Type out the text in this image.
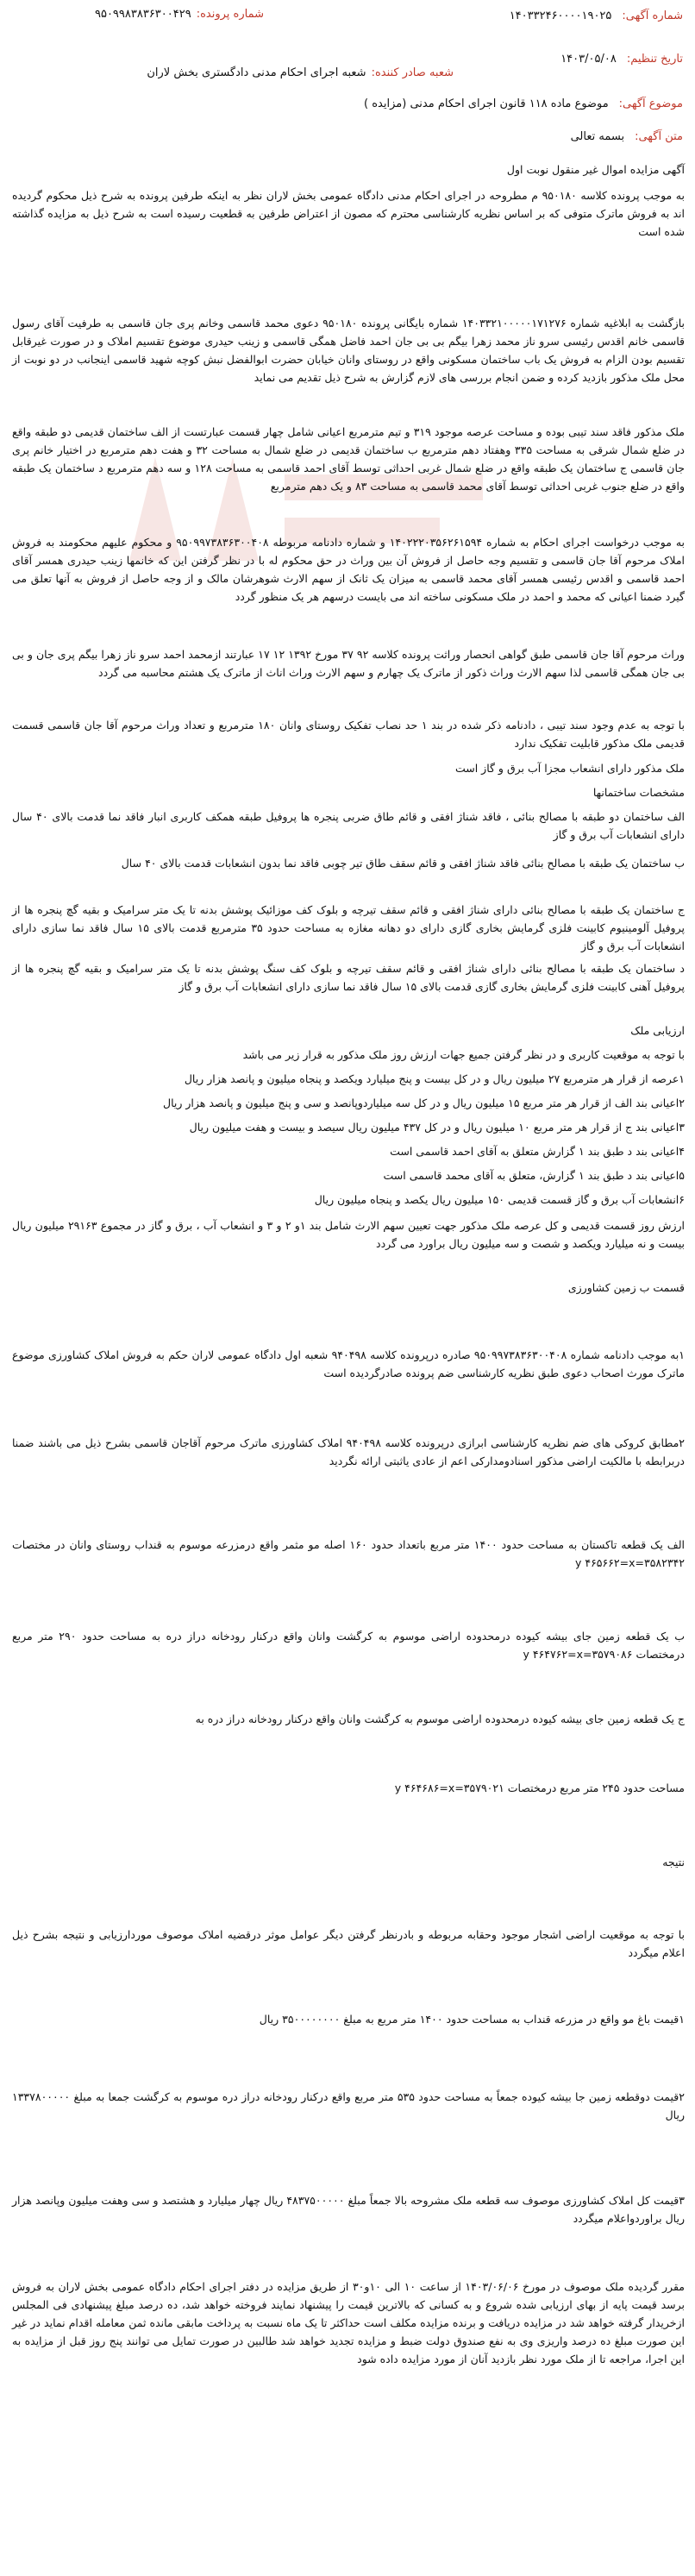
شماره آگهی:۱۴۰۳۳۲۴۶۰۰۰۰۱۹۰۲۵
شماره پرونده:۹۵۰۹۹۸۳۸۳۶۳۰۰۴۲۹
تاریخ تنظیم:۱۴۰۳/۰۵/۰۸
شعبه صادر کننده:شعبه اجرای احکام مدنی دادگستری بخش لاران
موضوع آگهی:موضوع ماده ۱۱۸ قانون اجرای احکام مدنی (مزایده )
متن آگهی:بسمه تعالی
آگهی مزایده اموال غیر منقول نوبت اول
به موجب پرونده کلاسه ۹۵۰۱۸۰ م مطروحه در اجرای احکام مدنی دادگاه عمومی بخش لاران نظر به اینکه طرفین پرونده به شرح ذیل محکوم گردیده اند به فروش ماترک متوفی که بر اساس نظریه کارشناسی محترم که مصون از اعتراض طرفین به قطعیت رسیده است به شرح ذیل به مزایده گذاشته شده است
بازگشت به ابلاغیه شماره ۱۴۰۳۳۲۱۰۰۰۰۰۱۷۱۲۷۶ شماره بایگانی پرونده ۹۵۰۱۸۰ دعوی محمد قاسمی وخانم پری جان قاسمی به طرفیت آقای رسول قاسمی خانم اقدس رئیسی سرو ناز محمد زهرا بیگم بی بی جان احمد فاضل همگی قاسمی و زینب حیدری موضوع تقسیم املاک و در صورت غیرقابل تقسیم بودن الزام به فروش یک باب ساختمان مسکونی واقع در روستای وانان خیابان حضرت ابوالفضل نبش کوچه شهید قاسمی اینجانب در دو نوبت از محل ملک مذکور بازدید کرده و ضمن انجام بررسی های لازم گزارش به شرح ذیل تقدیم می نماید
ملک مذکور فاقد سند تیبی بوده و مساحت عرصه موجود ۳۱۹ و تیم مترمربع اعیانی شامل چهار قسمت عبارتست از الف ساختمان قدیمی دو طبقه واقع در ضلع شمال شرقی به مساحت ۳۳۵ وهفتاد دهم مترمربع ب ساختمان قدیمی در ضلع شمال به مساحت ۳۲ و هفت دهم مترمربع در اختیار خانم پری جان قاسمی ج ساختمان یک طبقه واقع در ضلع شمال غربی احداثی توسط آقای احمد قاسمی به مساحت ۱۲۸ و سه دهم مترمربع د ساختمان یک طبقه واقع در ضلع جنوب غربی احداثی توسط آقای محمد قاسمی به مساحت ۸۳ و یک دهم مترمربع
به موجب درخواست اجرای احکام به شماره ۱۴۰۲۲۲۰۳۵۶۲۶۱۵۹۴ و شماره دادنامه مربوطه ۹۵۰۹۹۷۳۸۳۶۳۰۰۴۰۸ و محکوم علیهم محکومند به فروش املاک مرحوم آقا جان قاسمی و تقسیم وجه حاصل از فروش آن بین وراث در حق محکوم له با در نظر گرفتن این که خانمها زینب حیدری همسر آقای احمد قاسمی و اقدس رئیسی همسر آقای محمد قاسمی به میزان یک ثانک از سهم الارث شوهرشان مالک و از وجه حاصل از فروش به آنها تعلق می گیرد ضمنا اعیانی که محمد و احمد در ملک مسکونی ساخته اند می بایست درسهم هر یک منظور گردد
وراث مرحوم آقا جان قاسمی طبق گواهی انحصار وراثت پرونده کلاسه ۹۲ ۳۷ مورخ ۱۳۹۲ ۱۲ ۱۷ عبارتند ازمحمد احمد سرو ناز زهرا بیگم پری جان و بی بی جان همگی قاسمی لذا سهم الارث وراث ذکور از ماترک یک چهارم و سهم الارث وراث اناث از ماترک یک هشتم محاسبه می گردد
با توجه به عدم وجود سند تیبی ، دادنامه ذکر شده در بند ۱ حد نصاب تفکیک روستای وانان ۱۸۰ مترمربع و تعداد وراث مرحوم آقا جان قاسمی قسمت قدیمی ملک مذکور قابلیت تفکیک ندارد
ملک مذکور دارای انشعاب مجزا آب برق و گاز است
مشخصات ساختمانها
الف ساختمان دو طبقه با مصالح بنائی ، فاقد شناژ افقی و قائم طاق ضربی پنجره ها پروفیل طبقه همکف کاربری انبار فاقد نما قدمت بالای ۴۰ سال دارای انشعابات آب برق و گاز
ب ساختمان یک طبقه با مصالح بنائی فاقد شناژ افقی و قائم سقف طاق تیر چوبی فاقد نما بدون انشعابات قدمت بالای ۴۰ سال
ج ساختمان یک طبقه با مصالح بنائی دارای شناژ افقی و قائم سقف تیرچه و بلوک کف موزائیک پوشش بدنه تا یک متر سرامیک و بقیه گچ پنجره ها از پروفیل آلومینیوم کابینت فلزی گرمایش بخاری گازی دارای دو دهانه مغازه به مساحت حدود ۳۵ مترمربع قدمت بالای ۱۵ سال فاقد نما سازی دارای انشعابات آب برق و گاز
د ساختمان یک طبقه با مصالح بنائی دارای شناژ افقی و قائم سقف تیرچه و بلوک کف سنگ پوشش بدنه تا یک متر سرامیک و بقیه گچ پنجره ها از پروفیل آهنی کابینت فلزی گرمایش بخاری گازی قدمت بالای ۱۵ سال فاقد نما سازی دارای انشعابات آب برق و گاز
ارزیابی ملک
با توجه به موقعیت کاربری و در نظر گرفتن جمیع جهات ارزش روز ملک مذکور به قرار زیر می باشد
۱عرصه از قرار هر مترمربع ۲۷ میلیون ریال و در کل بیست و پنج میلیارد ویکصد و پنجاه میلیون و پانصد هزار ریال
۲اعیانی بند الف از قرار هر متر مربع ۱۵ میلیون ریال و در کل سه میلیاردوپانصد و سی و پنج میلیون و پانصد هزار ریال
۳اعیانی بند ج از قرار هر متر مربع ۱۰ میلیون ریال و در کل ۴۳۷ میلیون ریال سیصد و بیست و هفت میلیون ریال
۴اعیانی بند د طبق بند ۱ گزارش متعلق به آقای احمد قاسمی است
۵اعیانی بند د طبق بند ۱ گزارش، متعلق به آقای محمد قاسمی است
۶انشعابات آب برق و گاز قسمت قدیمی ۱۵۰ میلیون ریال یکصد و پنجاه میلیون ریال
ارزش روز قسمت قدیمی و کل عرصه ملک مذکور جهت تعیین سهم الارث شامل بند ۱و ۲ و ۳ و انشعاب آب ، برق و گاز در مجموع ۲۹۱۶۳ میلیون ریال بیست و نه میلیارد ویکصد و شصت و سه میلیون ریال براورد می گردد
قسمت ب زمین کشاورزی
۱به موجب دادنامه شماره ۹۵۰۹۹۷۳۸۳۶۳۰۰۴۰۸ صادره درپرونده کلاسه ۹۴۰۴۹۸ شعبه اول دادگاه عمومی لاران حکم به فروش املاک کشاورزی موضوع ماترک مورث اصحاب دعوی طبق نظریه کارشناسی ضم پرونده صادرگردیده است
۲مطابق کروکی های ضم نظریه کارشناسی ابرازی درپرونده کلاسه ۹۴۰۴۹۸ املاک کشاورزی ماترک مرحوم آقاجان قاسمی بشرح ذیل می باشند ضمنا دربرابطه با مالکیت اراضی مذکور اسنادومدارکی اعم از عادی یاثبتی ارائه نگردید
الف یک قطعه تاکستان به مساحت حدود ۱۴۰۰ متر مربع باتعداد حدود ۱۶۰ اصله مو مثمر واقع درمزرعه موسوم به قنداب روستای وانان در مختصات ۳۵۸۲۳۴۲=y ۴۶۵۶۶۲=x
ب یک قطعه زمین جای بیشه کیوده درمحدوده اراضی موسوم به کرگشت وانان واقع درکنار رودخانه دراز دره به مساحت حدود ۲۹۰ متر مربع درمختصات ۳۵۷۹۰۸۶=y ۴۶۴۷۶۲=x
ج یک قطعه زمین جای بیشه کیوده درمحدوده اراضی موسوم به کرگشت وانان واقع درکنار رودخانه دراز دره به
مساحت حدود ۲۴۵ متر مربع درمختصات ۳۵۷۹۰۲۱=y ۴۶۴۶۸۶=x
نتیجه
با توجه به موقعیت اراضی اشجار موجود وحقابه مربوطه و بادرنظر گرفتن دیگر عوامل موثر درقضیه املاک موصوف موردارزیابی و نتیجه بشرح ذیل اعلام میگردد
۱قیمت باغ مو واقع در مزرعه قنداب به مساحت حدود ۱۴۰۰ متر مربع به مبلغ ۳۵۰۰۰۰۰۰۰۰ ریال
۲قیمت دوقطعه زمین جا بیشه کیوده جمعاً به مساحت حدود ۵۳۵ متر مربع واقع درکنار رودخانه دراز دره موسوم به کرگشت جمعا به مبلغ ۱۳۳۷۸۰۰۰۰۰ ریال
۳قیمت کل املاک کشاورزی موصوف سه قطعه ملک مشروحه بالا جمعاً مبلغ ۴۸۳۷۵۰۰۰۰۰ ریال چهار میلیارد و هشتصد و سی وهفت میلیون وپانصد هزار ریال براوردواعلام میگردد
مقرر گردیده ملک موصوف در مورخ ۱۴۰۳/۰۶/۰۶ از ساعت ۱۰ الی ۱۰و۳۰ از طریق مزایده در دفتر اجرای احکام دادگاه عمومی بخش لاران به فروش برسد قیمت پایه از بهای ارزیابی شده شروع و به کسانی که بالاترین قیمت را پیشنهاد نمایند فروخته خواهد شد، ده درصد مبلغ پیشنهادی فی المجلس ازخریدار گرفته خواهد شد در مزایده دریافت و برنده مزایده مکلف است حداکثر تا یک ماه نسبت به پرداخت مابقی مانده ثمن معامله اقدام نماید در غیر این صورت مبلغ ده درصد واریزی وی به نفع صندوق دولت ضبط و مزایده تجدید خواهد شد طالبین در صورت تمایل می توانند پنج روز قبل از مزایده به این اجرا، مراجعه تا از ملک مورد نظر بازدید آنان از مورد مزایده داده شود
